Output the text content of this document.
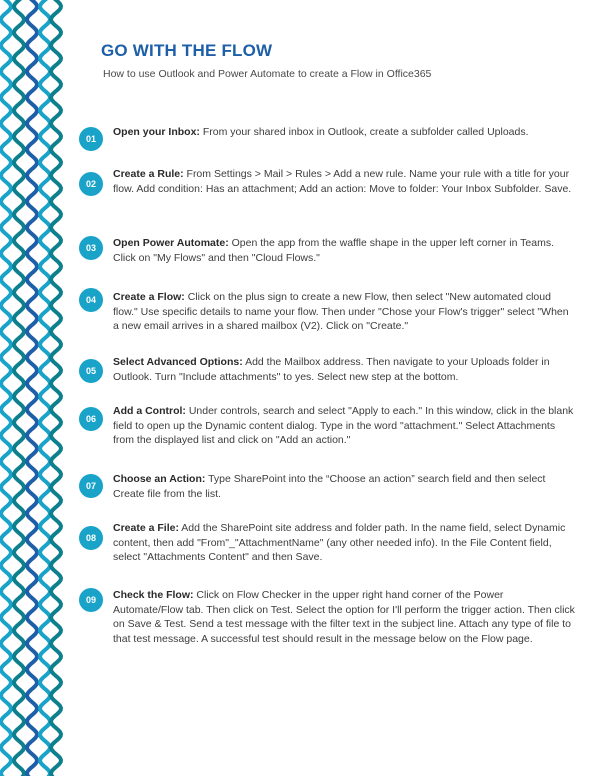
GO WITH THE FLOW

How to use Outlook and Power Automate to create a Flow in Office365

01

Open your Inbox: From your shared inbox in Outlook, create a subfolder called Uploads.

02

Create a Rule: From Settings > Mail > Rules > Add a new rule. Name your rule with a title for your flow. Add condition: Has an attachment; Add an action: Move to folder: Your Inbox Subfolder. Save.

03	Open Power Automate: Open the app from the waffle shape in the upper left corner in Teams. Click on "My Flows" and then "Cloud Flows."

04	Create a Flow: Click on the plus sign to create a new Flow, then select "New automated cloud flow." Use specific details to name your flow. Then under "Chose your Flow's trigger" select "When a new email arrives in a shared mailbox (V2). Click on "Create."

05

Select Advanced Options: Add the Mailbox address. Then navigate to your Uploads folder in Outlook. Turn "Include attachments" to yes. Select new step at the bottom.

06

Add a Control: Under controls, search and select "Apply to each." In this window, click in the blank field to open up the Dynamic content dialog. Type in the word "attachment." Select Attachments from the displayed list and click on "Add an action."

07

Choose an Action: Type SharePoint into the “Choose an action” search field and then select Create file from the list.

08

Create a File: Add the SharePoint site address and folder path. In the name field, select Dynamic content, then add "From"_"AttachmentName" (any other needed info). In the File Content field, select "Attachments Content" and then Save.

09	Check the Flow: Click on Flow Checker in the upper right hand corner of the Power Automate/Flow tab. Then click on Test. Select the option for I'll perform the trigger action. Then click on Save & Test. Send a test message with the filter text in the subject line. Attach any type of file to that test message. A successful test should result in the message below on the Flow page.
